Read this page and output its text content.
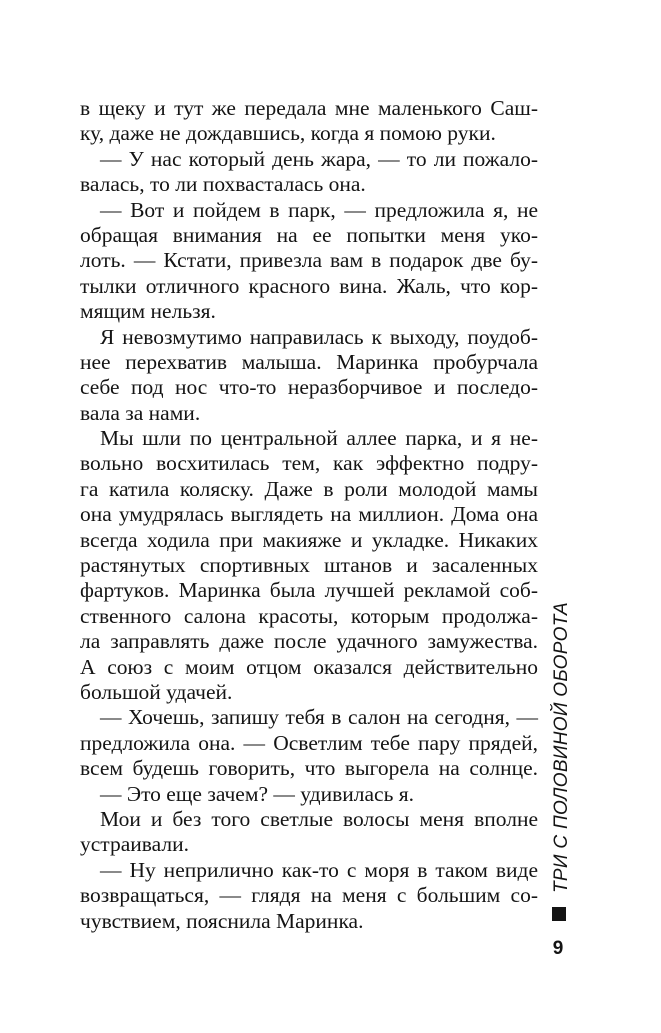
в щеку и тут же передала мне маленького Саш-
ку, даже не дождавшись, когда я помою руки.
— У нас который день жара, — то ли пожало-
валась, то ли похвасталась она.
— Вот и пойдем в парк, — предложила я, не
обращая внимания на ее попытки меня уко-
лоть. — Кстати, привезла вам в подарок две бу-
тылки отличного красного вина. Жаль, что кор-
мящим нельзя.
Я невозмутимо направилась к выходу, поудоб-
нее перехватив малыша. Маринка пробурчала
себе под нос что-то неразборчивое и последо-
вала за нами.
Мы шли по центральной аллее парка, и я не-
вольно восхитилась тем, как эффектно подру-
га катила коляску. Даже в роли молодой мамы
она умудрялась выглядеть на миллион. Дома она
всегда ходила при макияже и укладке. Никаких
растянутых спортивных штанов и засаленных
фартуков. Маринка была лучшей рекламой соб-
ственного салона красоты, которым продолжа-
ла заправлять даже после удачного замужества.
А союз с моим отцом оказался действительно
большой удачей.
— Хочешь, запишу тебя в салон на сегодня, —
предложила она. — Осветлим тебе пару прядей,
всем будешь говорить, что выгорела на солнце.
— Это еще зачем? — удивилась я.
Мои и без того светлые волосы меня вполне
устраивали.
— Ну неприлично как-то с моря в таком виде
возвращаться, — глядя на меня с большим со-
чувствием, пояснила Маринка.
ТРИ С ПОЛОВИНОЙ ОБОРОТА
9
